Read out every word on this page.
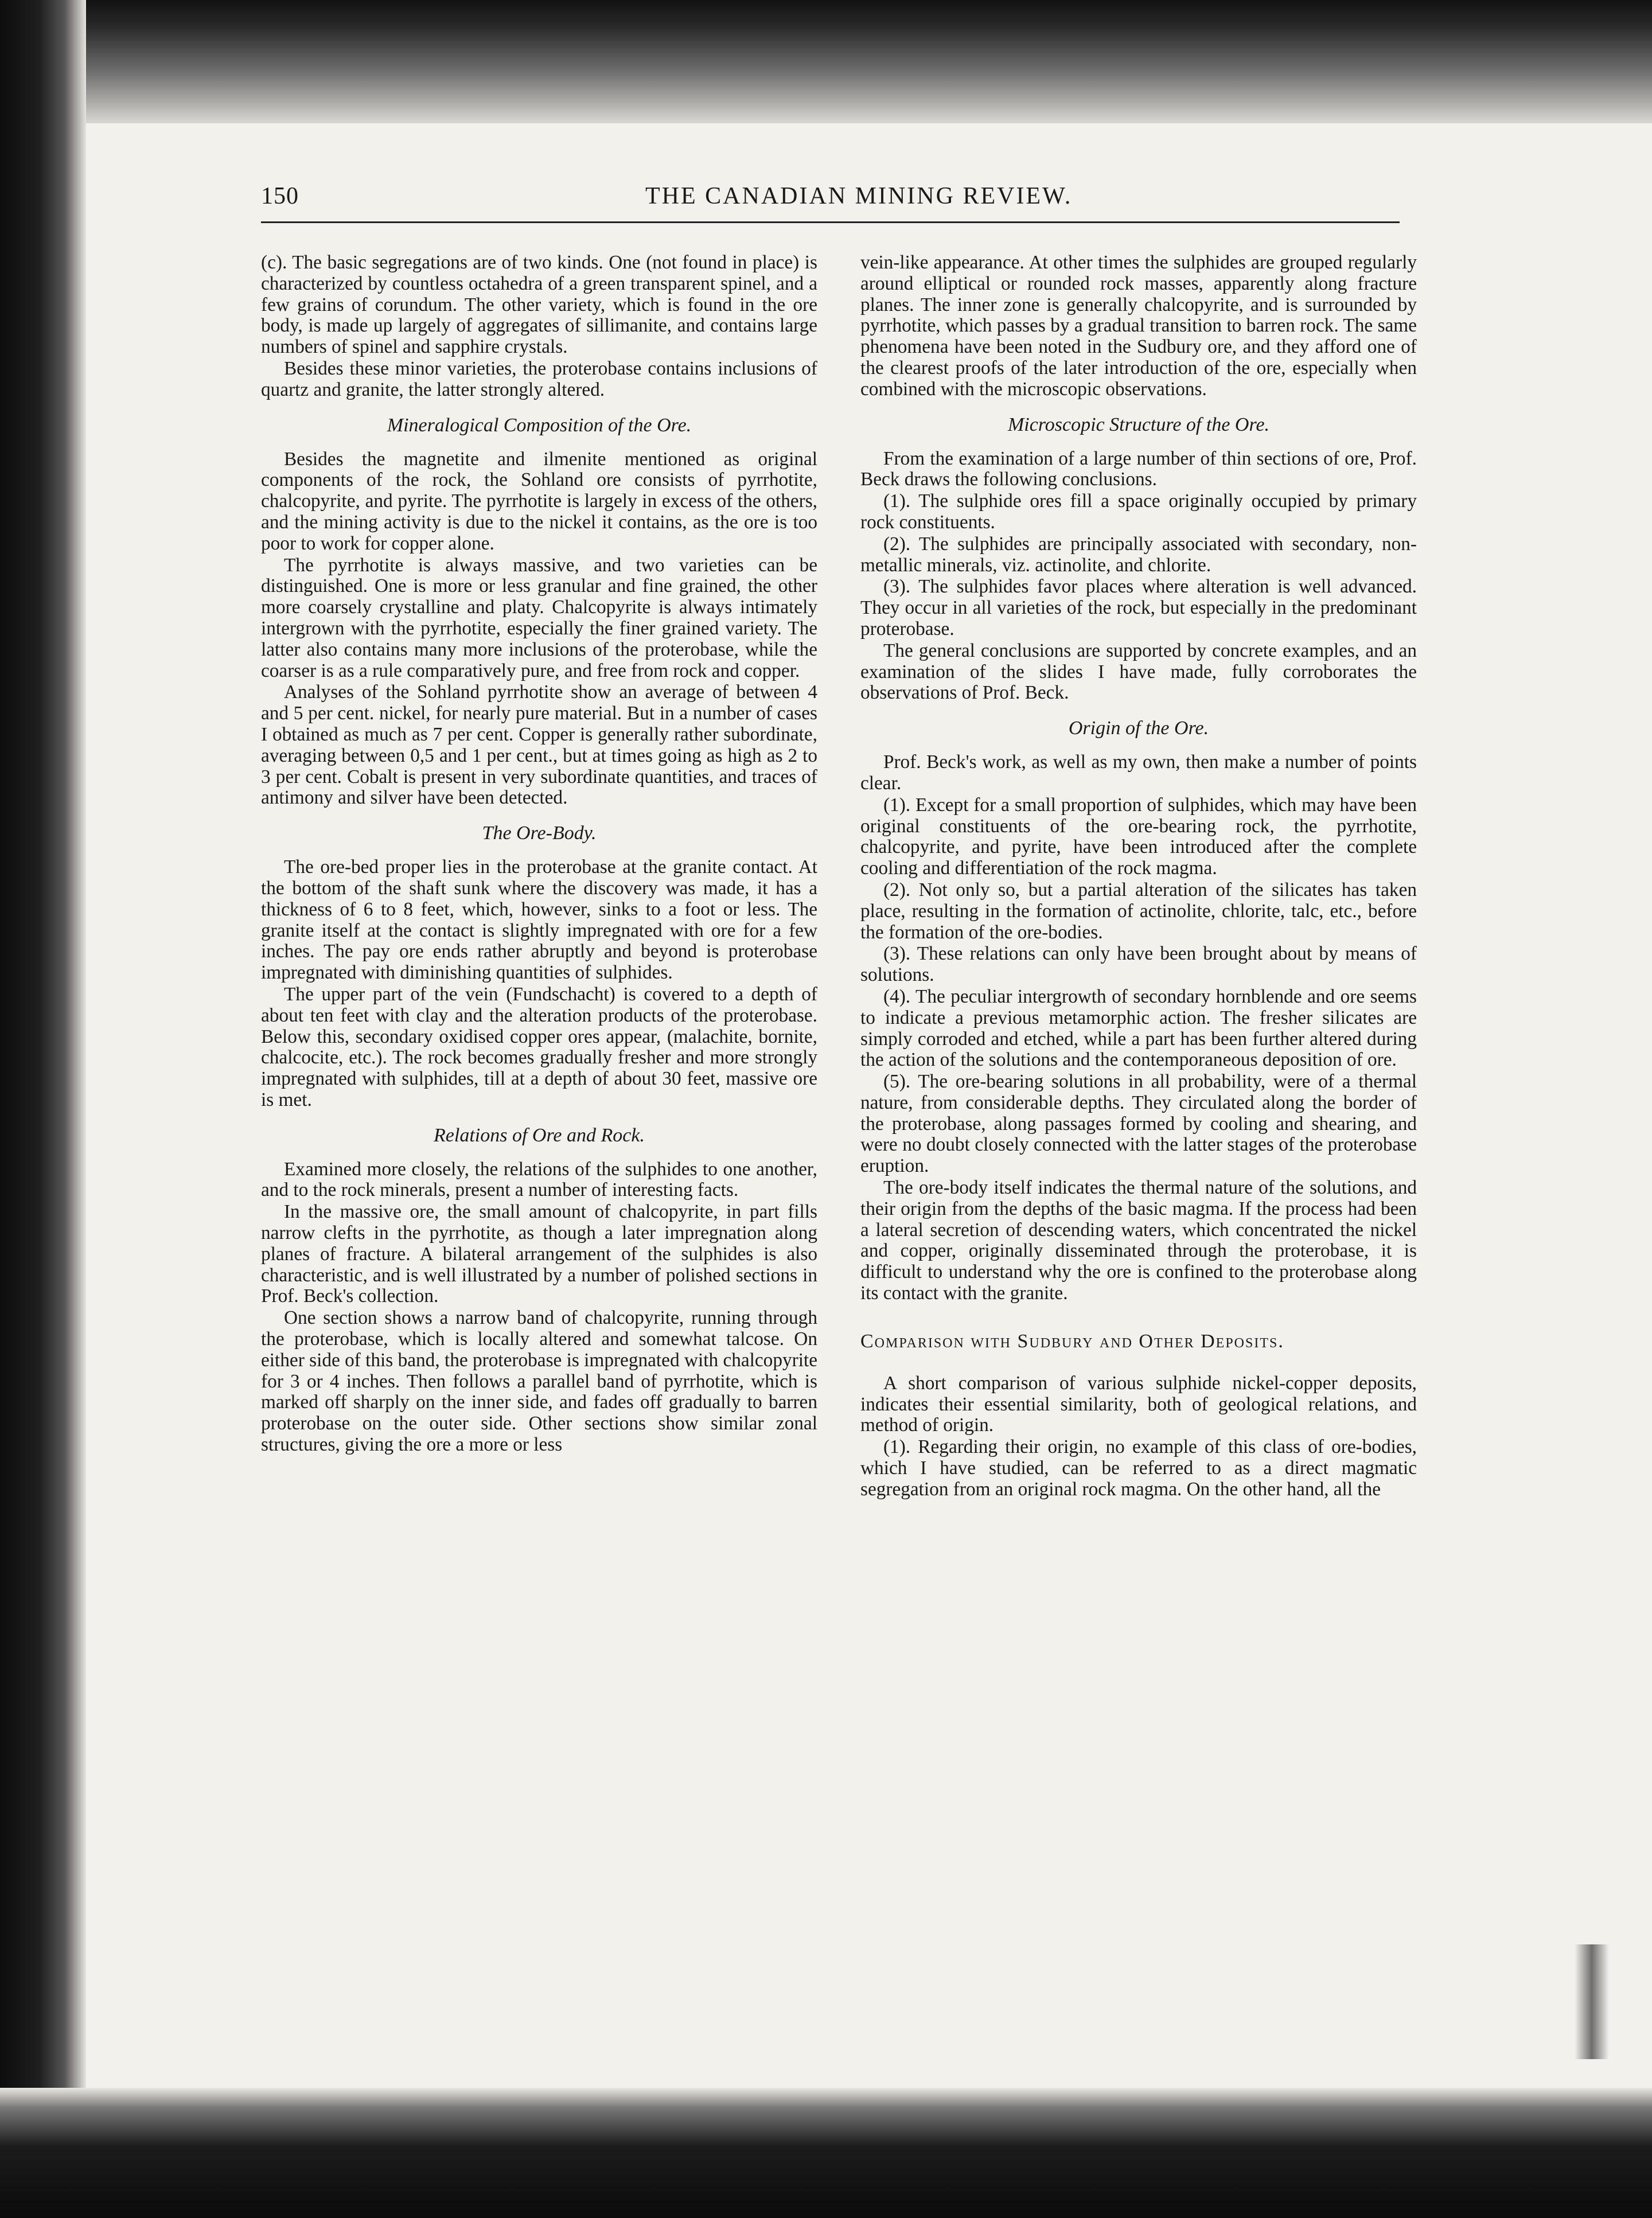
150	THE CANADIAN MINING REVIEW.

(c). The basic segregations are of two kinds. One (not found in place) is characterized by countless octahedra of a green transparent spinel, and a few grains of corundum. The other variety, which is found in the ore body, is made up largely of aggregates of sillimanite, and contains large numbers of spinel and sapphire crystals.

Besides these minor varieties, the proterobase contains inclusions of quartz and granite, the latter strongly altered.

Mineralogical Composition of the Ore.

Besides the magnetite and ilmenite mentioned as original components of the rock, the Sohland ore consists of pyrrhotite, chalcopyrite, and pyrite. The pyrrhotite is largely in excess of the others, and the mining activity is due to the nickel it contains, as the ore is too poor to work for copper alone.

The pyrrhotite is always massive, and two varieties can be distinguished. One is more or less granular and fine grained, the other more coarsely crystalline and platy. Chalcopyrite is always intimately intergrown with the pyrrhotite, especially the finer grained variety. The latter also contains many more inclusions of the proterobase, while the coarser is as a rule comparatively pure, and free from rock and copper.

Analyses of the Sohland pyrrhotite show an average of between 4 and 5 per cent. nickel, for nearly pure material. But in a number of cases I obtained as much as 7 per cent. Copper is generally rather subordinate, averaging between 0,5 and 1 per cent., but at times going as high as 2 to 3 per cent. Cobalt is present in very subordinate quantities, and traces of antimony and silver have been detected.

The Ore-Body.

The ore-bed proper lies in the proterobase at the granite contact. At the bottom of the shaft sunk where the discovery was made, it has a thickness of 6 to 8 feet, which, however, sinks to a foot or less. The granite itself at the contact is slightly impregnated with ore for a few inches. The pay ore ends rather abruptly and beyond is proterobase impregnated with diminishing quantities of sulphides.

The upper part of the vein (Fundschacht) is covered to a depth of about ten feet with clay and the alteration products of the proterobase. Below this, secondary oxidised copper ores appear, (malachite, bornite, chalcocite, etc.). The rock becomes gradually fresher and more strongly impregnated with sulphides, till at a depth of about 30 feet, massive ore is met.

Relations of Ore and Rock.

Examined more closely, the relations of the sulphides to one another, and to the rock minerals, present a number of interesting facts.

In the massive ore, the small amount of chalcopyrite, in part fills narrow clefts in the pyrrhotite, as though a later impregnation along planes of fracture. A bilateral arrangement of the sulphides is also characteristic, and is well illustrated by a number of polished sections in Prof. Beck's collection.

One section shows a narrow band of chalcopyrite, running through the proterobase, which is locally altered and somewhat talcose. On either side of this band, the proterobase is impregnated with chalcopyrite for 3 or 4 inches. Then follows a parallel band of pyrrhotite, which is marked off sharply on the inner side, and fades off gradually to barren proterobase on the outer side. Other sections show similar zonal structures, giving the ore a more or less

vein-like appearance. At other times the sulphides are grouped regularly around elliptical or rounded rock masses, apparently along fracture planes. The inner zone is generally chalcopyrite, and is surrounded by pyrrhotite, which passes by a gradual transition to barren rock. The same phenomena have been noted in the Sudbury ore, and they afford one of the clearest proofs of the later introduction of the ore, especially when combined with the microscopic observations.

Microscopic Structure of the Ore.

From the examination of a large number of thin sections of ore, Prof. Beck draws the following conclusions.

(1). The sulphide ores fill a space originally occupied by primary rock constituents.

(2). The sulphides are principally associated with secondary, non-metallic minerals, viz. actinolite, and chlorite.

(3). The sulphides favor places where alteration is well advanced. They occur in all varieties of the rock, but especially in the predominant proterobase.

The general conclusions are supported by concrete examples, and an examination of the slides I have made, fully corroborates the observations of Prof. Beck.

Origin of the Ore.

Prof. Beck's work, as well as my own, then make a number of points clear.

(1). Except for a small proportion of sulphides, which may have been original constituents of the ore-bearing rock, the pyrrhotite, chalcopyrite, and pyrite, have been introduced after the complete cooling and differentiation of the rock magma.

(2). Not only so, but a partial alteration of the silicates has taken place, resulting in the formation of actinolite, chlorite, talc, etc., before the formation of the ore-bodies.

(3). These relations can only have been brought about by means of solutions.

(4). The peculiar intergrowth of secondary hornblende and ore seems to indicate a previous metamorphic action. The fresher silicates are simply corroded and etched, while a part has been further altered during the action of the solutions and the contemporaneous deposition of ore.

(5). The ore-bearing solutions in all probability, were of a thermal nature, from considerable depths. They circulated along the border of the proterobase, along passages formed by cooling and shearing, and were no doubt closely connected with the latter stages of the proterobase eruption.

The ore-body itself indicates the thermal nature of the solutions, and their origin from the depths of the basic magma. If the process had been a lateral secretion of descending waters, which concentrated the nickel and copper, originally disseminated through the proterobase, it is difficult to understand why the ore is confined to the proterobase along its contact with the granite.

Comparison with Sudbury and Other Deposits.

A short comparison of various sulphide nickel-copper deposits, indicates their essential similarity, both of geological relations, and method of origin.

(1). Regarding their origin, no example of this class of ore-bodies, which I have studied, can be referred to as a direct magmatic segregation from an original rock magma. On the other hand, all the
